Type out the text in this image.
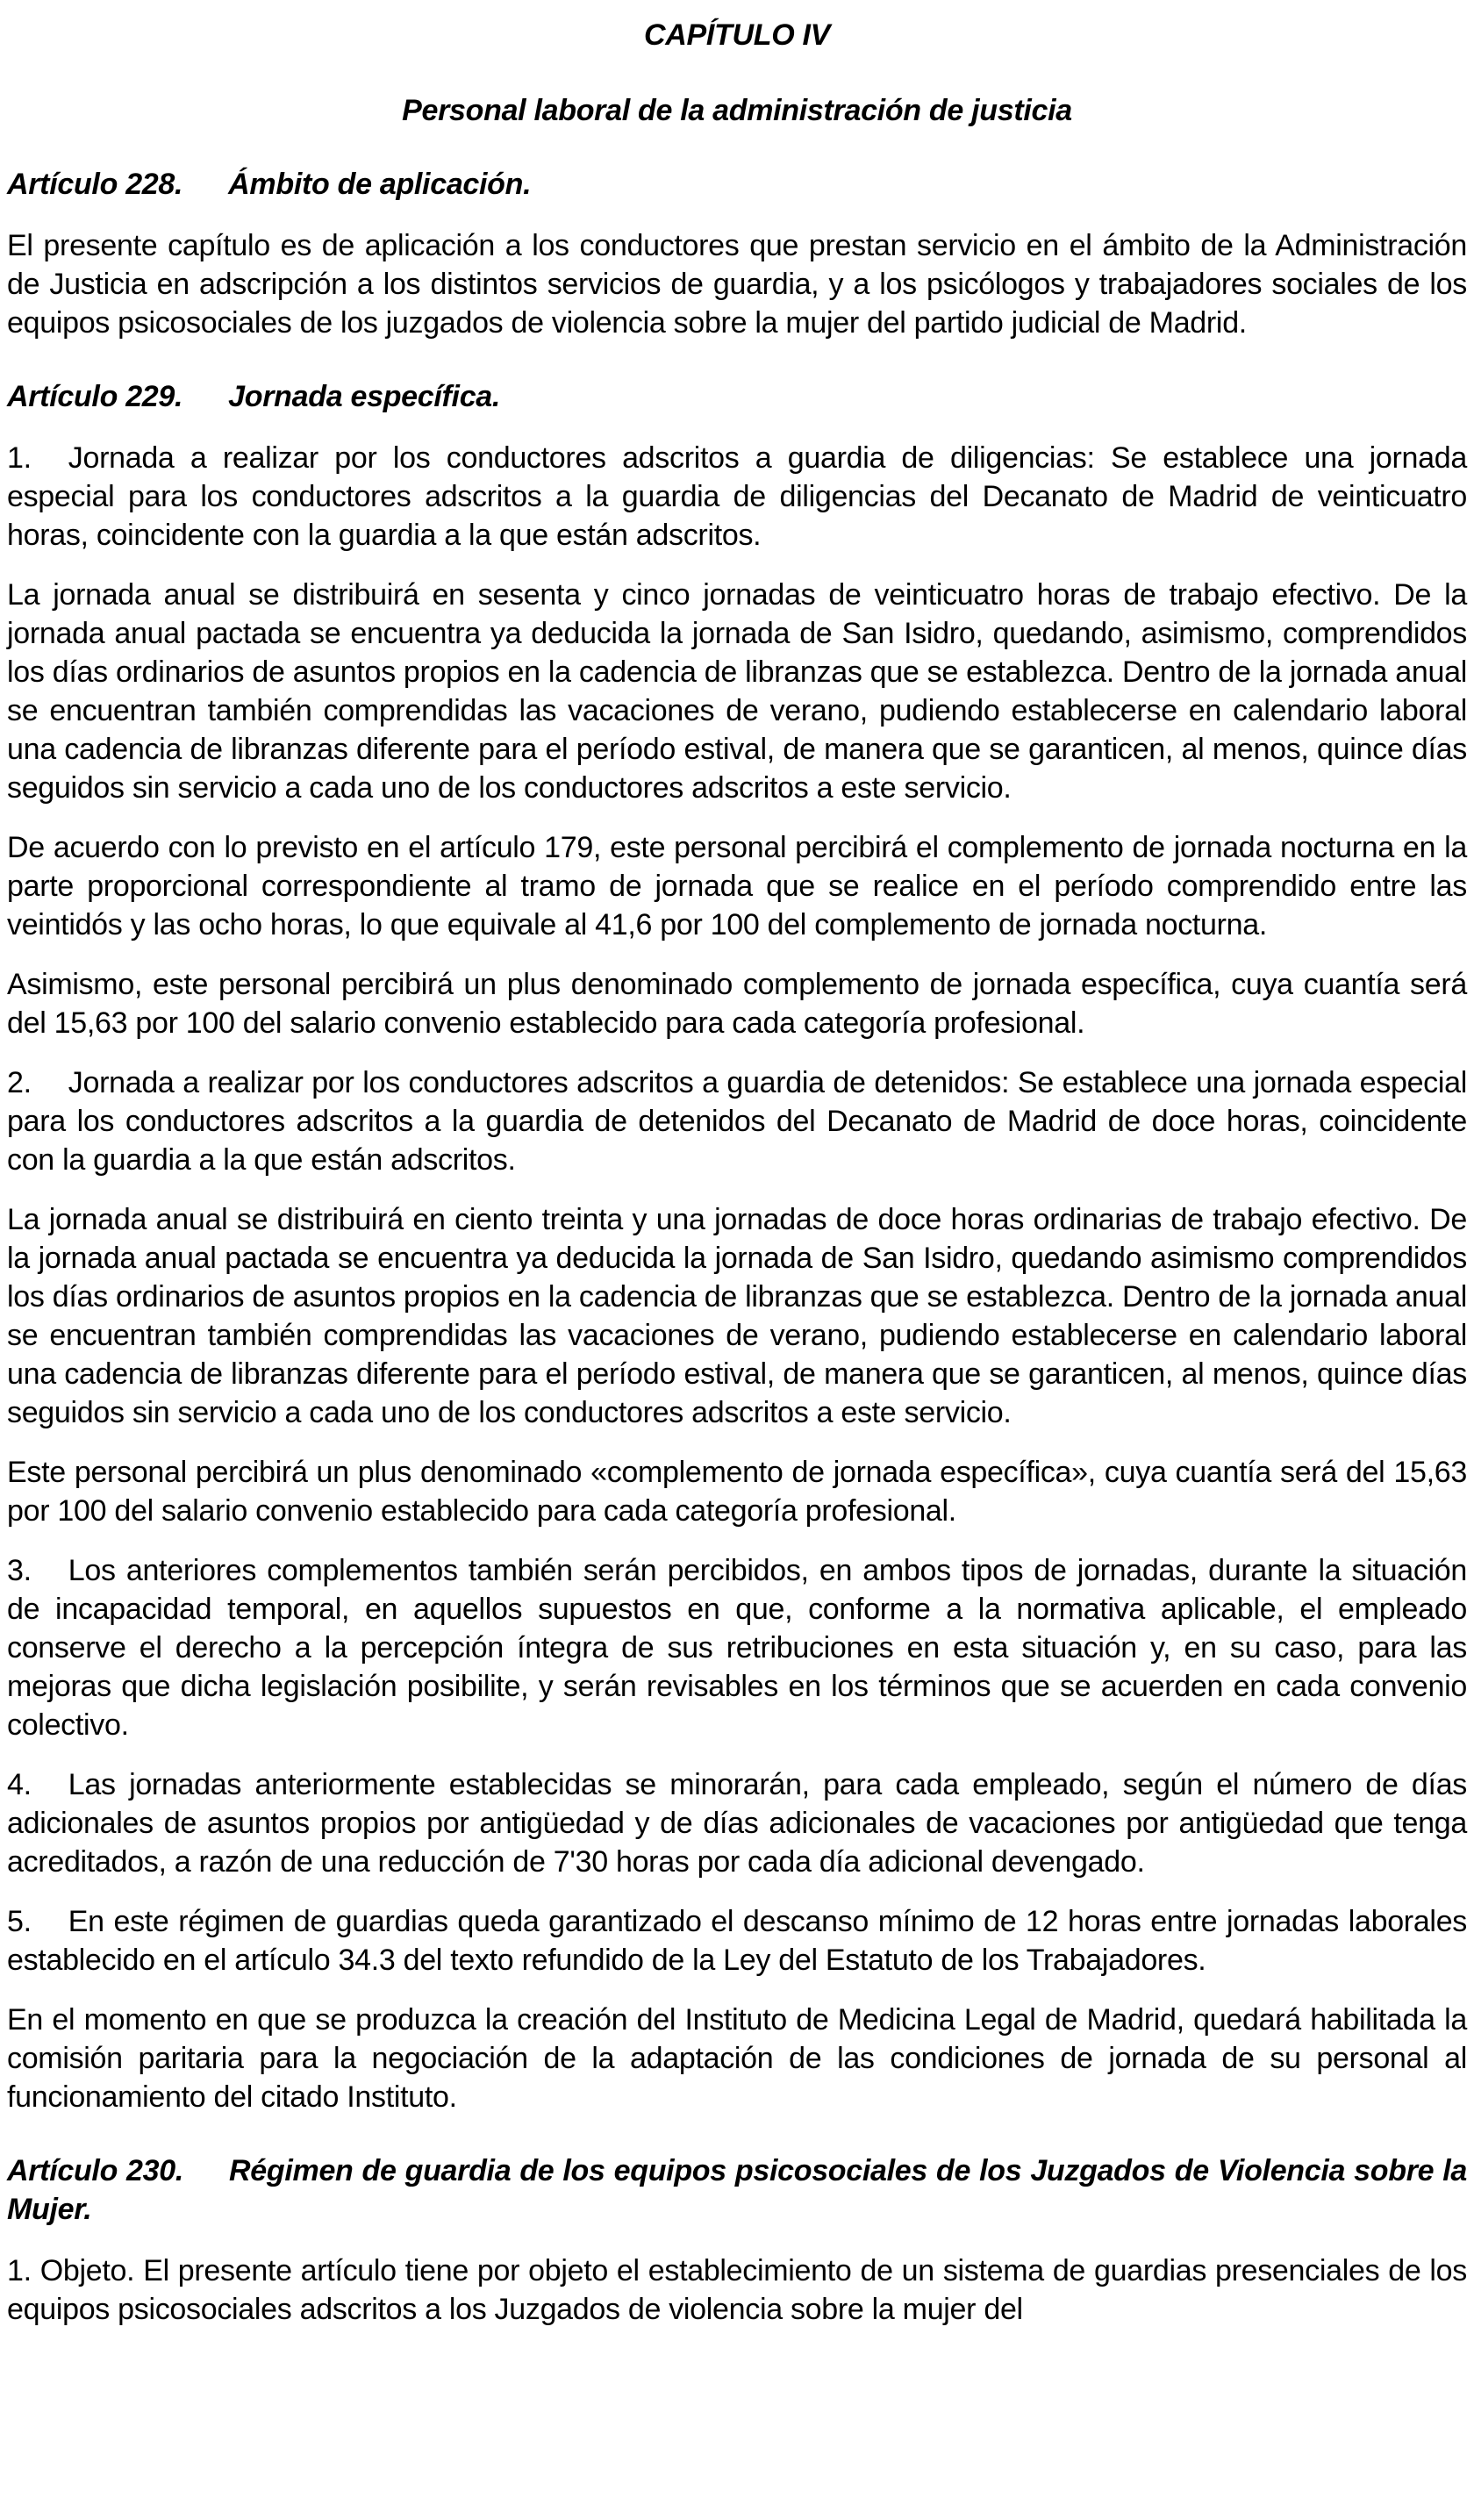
CAPÍTULO IV
Personal laboral de la administración de justicia
Artículo 228. Ámbito de aplicación.

El presente capítulo es de aplicación a los conductores que prestan servicio en el ámbito de la Administración de Justicia en adscripción a los distintos servicios de guardia, y a los psicólogos y trabajadores sociales de los equipos psicosociales de los juzgados de violencia sobre la mujer del partido judicial de Madrid.

Artículo 229. Jornada específica.

1. Jornada a realizar por los conductores adscritos a guardia de diligencias: Se establece una jornada especial para los conductores adscritos a la guardia de diligencias del Decanato de Madrid de veinticuatro horas, coincidente con la guardia a la que están adscritos.

La jornada anual se distribuirá en sesenta y cinco jornadas de veinticuatro horas de trabajo efectivo. De la jornada anual pactada se encuentra ya deducida la jornada de San Isidro, quedando, asimismo, comprendidos los días ordinarios de asuntos propios en la cadencia de libranzas que se establezca. Dentro de la jornada anual se encuentran también comprendidas las vacaciones de verano, pudiendo establecerse en calendario laboral una cadencia de libranzas diferente para el período estival, de manera que se garanticen, al menos, quince días seguidos sin servicio a cada uno de los conductores adscritos a este servicio.

De acuerdo con lo previsto en el artículo 179, este personal percibirá el complemento de jornada nocturna en la parte proporcional correspondiente al tramo de jornada que se realice en el período comprendido entre las veintidós y las ocho horas, lo que equivale al 41,6 por 100 del complemento de jornada nocturna.

Asimismo, este personal percibirá un plus denominado complemento de jornada específica, cuya cuantía será del 15,63 por 100 del salario convenio establecido para cada categoría profesional.

2. Jornada a realizar por los conductores adscritos a guardia de detenidos: Se establece una jornada especial para los conductores adscritos a la guardia de detenidos del Decanato de Madrid de doce horas, coincidente con la guardia a la que están adscritos.

La jornada anual se distribuirá en ciento treinta y una jornadas de doce horas ordinarias de trabajo efectivo. De la jornada anual pactada se encuentra ya deducida la jornada de San Isidro, quedando asimismo comprendidos los días ordinarios de asuntos propios en la cadencia de libranzas que se establezca. Dentro de la jornada anual se encuentran también comprendidas las vacaciones de verano, pudiendo establecerse en calendario laboral una cadencia de libranzas diferente para el período estival, de manera que se garanticen, al menos, quince días seguidos sin servicio a cada uno de los conductores adscritos a este servicio.

Este personal percibirá un plus denominado «complemento de jornada específica», cuya cuantía será del 15,63 por 100 del salario convenio establecido para cada categoría profesional.

3. Los anteriores complementos también serán percibidos, en ambos tipos de jornadas, durante la situación de incapacidad temporal, en aquellos supuestos en que, conforme a la normativa aplicable, el empleado conserve el derecho a la percepción íntegra de sus retribuciones en esta situación y, en su caso, para las mejoras que dicha legislación posibilite, y serán revisables en los términos que se acuerden en cada convenio colectivo.

4. Las jornadas anteriormente establecidas se minorarán, para cada empleado, según el número de días adicionales de asuntos propios por antigüedad y de días adicionales de vacaciones por antigüedad que tenga acreditados, a razón de una reducción de 7'30 horas por cada día adicional devengado.

5. En este régimen de guardias queda garantizado el descanso mínimo de 12 horas entre jornadas laborales establecido en el artículo 34.3 del texto refundido de la Ley del Estatuto de los Trabajadores.

En el momento en que se produzca la creación del Instituto de Medicina Legal de Madrid, quedará habilitada la comisión paritaria para la negociación de la adaptación de las condiciones de jornada de su personal al funcionamiento del citado Instituto.

Artículo 230. Régimen de guardia de los equipos psicosociales de los Juzgados de Violencia sobre la Mujer.

1. Objeto. El presente artículo tiene por objeto el establecimiento de un sistema de guardias presenciales de los equipos psicosociales adscritos a los Juzgados de violencia sobre la mujer del
